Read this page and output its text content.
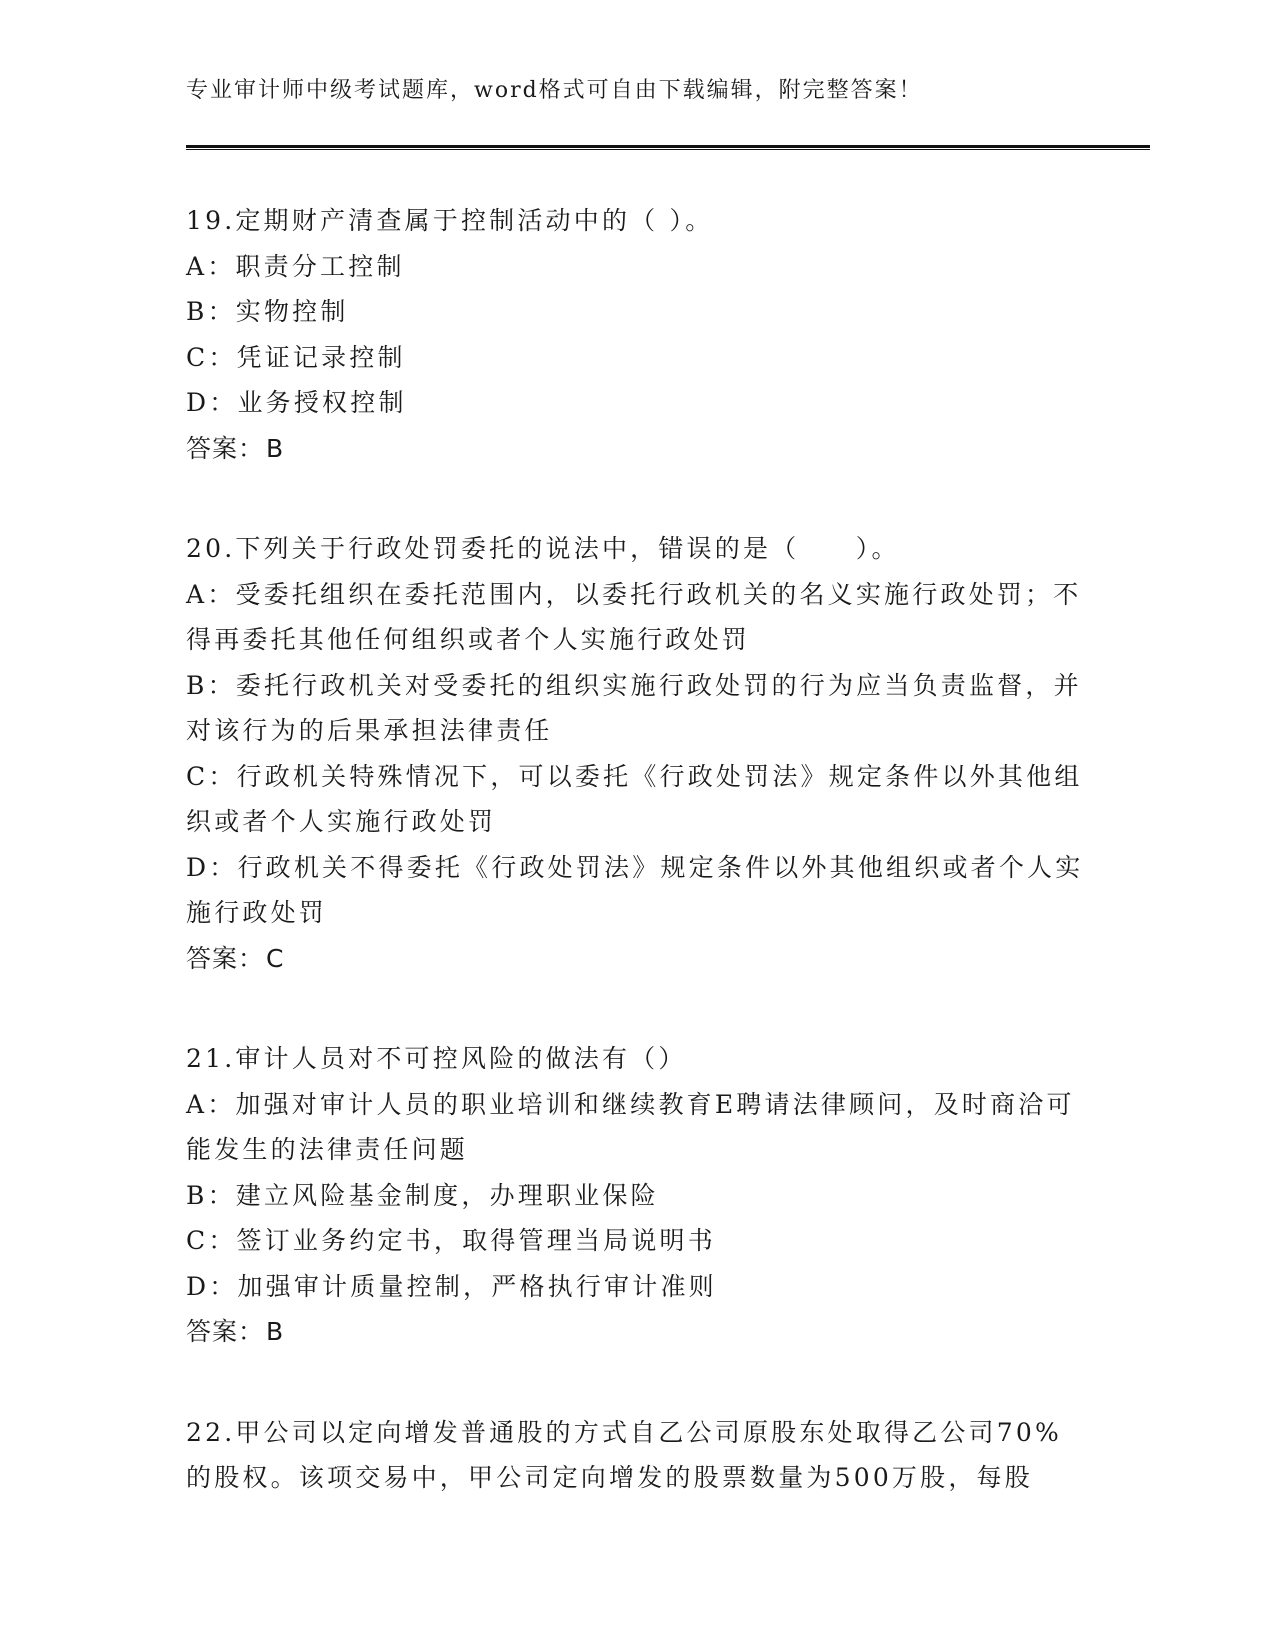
专业审计师中级考试题库，word格式可自由下载编辑，附完整答案！
19.定期财产清查属于控制活动中的（ ）。
A：职责分工控制
B：实物控制
C：凭证记录控制
D：业务授权控制
答案：B
20.下列关于行政处罚委托的说法中，错误的是（　　）。
A：受委托组织在委托范围内，以委托行政机关的名义实施行政处罚；不得再委托其他任何组织或者个人实施行政处罚
B：委托行政机关对受委托的组织实施行政处罚的行为应当负责监督，并对该行为的后果承担法律责任
C：行政机关特殊情况下，可以委托《行政处罚法》规定条件以外其他组织或者个人实施行政处罚
D：行政机关不得委托《行政处罚法》规定条件以外其他组织或者个人实施行政处罚
答案：C
21.审计人员对不可控风险的做法有（）
A：加强对审计人员的职业培训和继续教育E聘请法律顾问，及时商洽可能发生的法律责任问题
B：建立风险基金制度，办理职业保险
C：签订业务约定书，取得管理当局说明书
D：加强审计质量控制，严格执行审计准则
答案：B
22.甲公司以定向增发普通股的方式自乙公司原股东处取得乙公司70%的股权。该项交易中，甲公司定向增发的股票数量为500万股，每股
